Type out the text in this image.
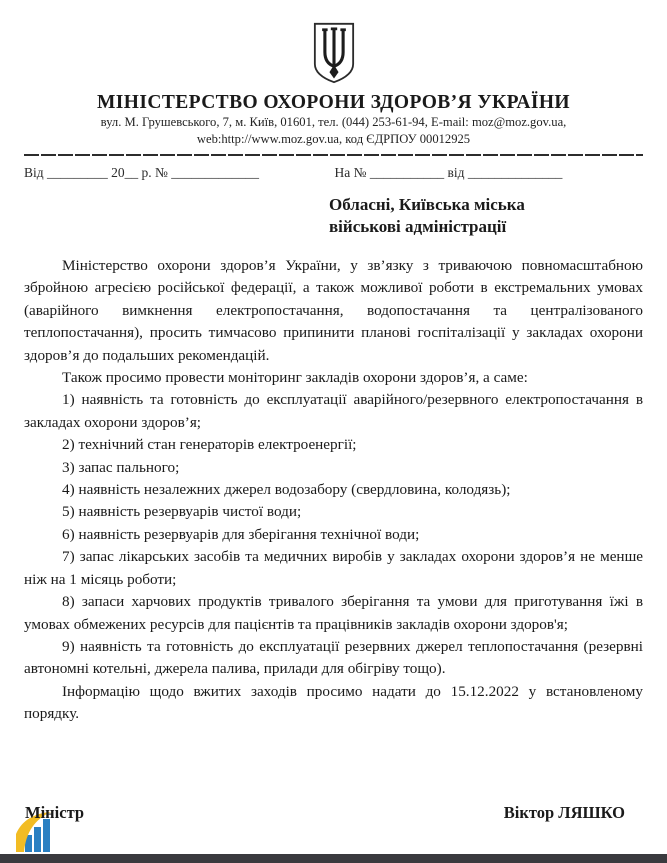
МІНІСТЕРСТВО ОХОРОНИ ЗДОРОВ’Я УКРАЇНИ
вул. М. Грушевського, 7, м. Київ, 01601, тел. (044) 253-61-94, E-mail: moz@moz.gov.ua,
web:http://www.moz.gov.ua, код ЄДРПОУ 00012925
Від _________ 20__ р. № _____________	На № ___________ від ______________
Обласні, Київська міська
військові адміністрації

Міністерство охорони здоров’я України, у зв’язку з триваючою повномасштабною збройною агресією російської федерації, а також можливої роботи в екстремальних умовах (аварійного вимкнення електропостачання, водопостачання та централізованого теплопостачання), просить тимчасово припинити планові госпіталізації у закладах охорони здоров’я до подальших рекомендацій.

Також просимо провести моніторинг закладів охорони здоров’я, а саме:

1) наявність та готовність до експлуатації аварійного/резервного електропостачання в закладах охорони здоров’я;

2) технічний стан генераторів електроенергії;

3) запас пального;

4) наявність незалежних джерел водозабору (свердловина, колодязь);

5) наявність резервуарів чистої води;

6) наявність резервуарів для зберігання технічної води;

7) запас лікарських засобів та медичних виробів у закладах охорони здоров’я не менше ніж на 1 місяць роботи;

8) запаси харчових продуктів тривалого зберігання та умови для приготування їжі в умовах обмежених ресурсів для пацієнтів та працівників закладів охорони здоров'я;

9) наявність та готовність до експлуатації резервних джерел теплопостачання (резервні автономні котельні, джерела палива, прилади для обігріву тощо).

Інформацію щодо вжитих заходів просимо надати до 15.12.2022 у встановленому порядку.

Міністр	Віктор ЛЯШКО
